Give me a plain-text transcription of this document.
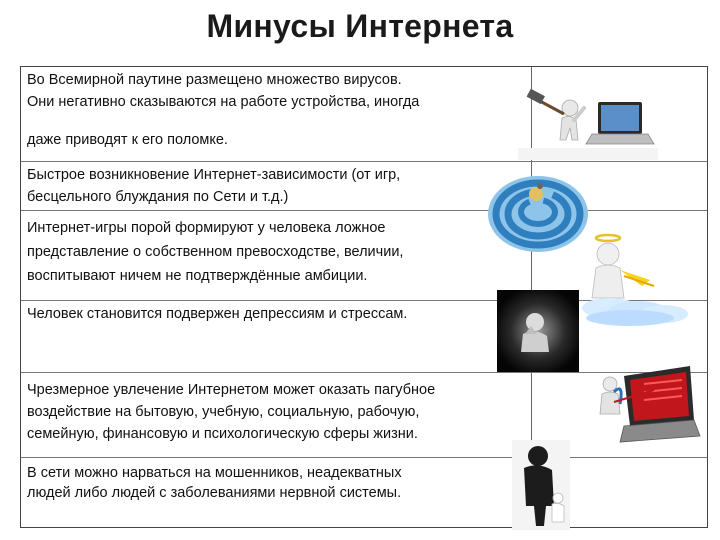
Минусы Интернета
Во Всемирной паутине размещено множество вирусов.
Они негативно сказываются на работе устройства, иногда
даже приводят к его поломке.
Быстрое возникновение Интернет-зависимости (от игр,
бесцельного блуждания по Сети и т.д.)
Интернет-игры порой формируют у человека ложное
представление о собственном превосходстве, величии,
воспитывают ничем не подтверждённые амбиции.
Человек становится подвержен депрессиям и стрессам.
Чрезмерное увлечение Интернетом может оказать пагубное
воздействие на бытовую, учебную, социальную, рабочую,
семейную, финансовую и психологическую сферы жизни.
В сети можно нарваться на мошенников, неадекватных
людей либо людей с заболеваниями нервной системы.
